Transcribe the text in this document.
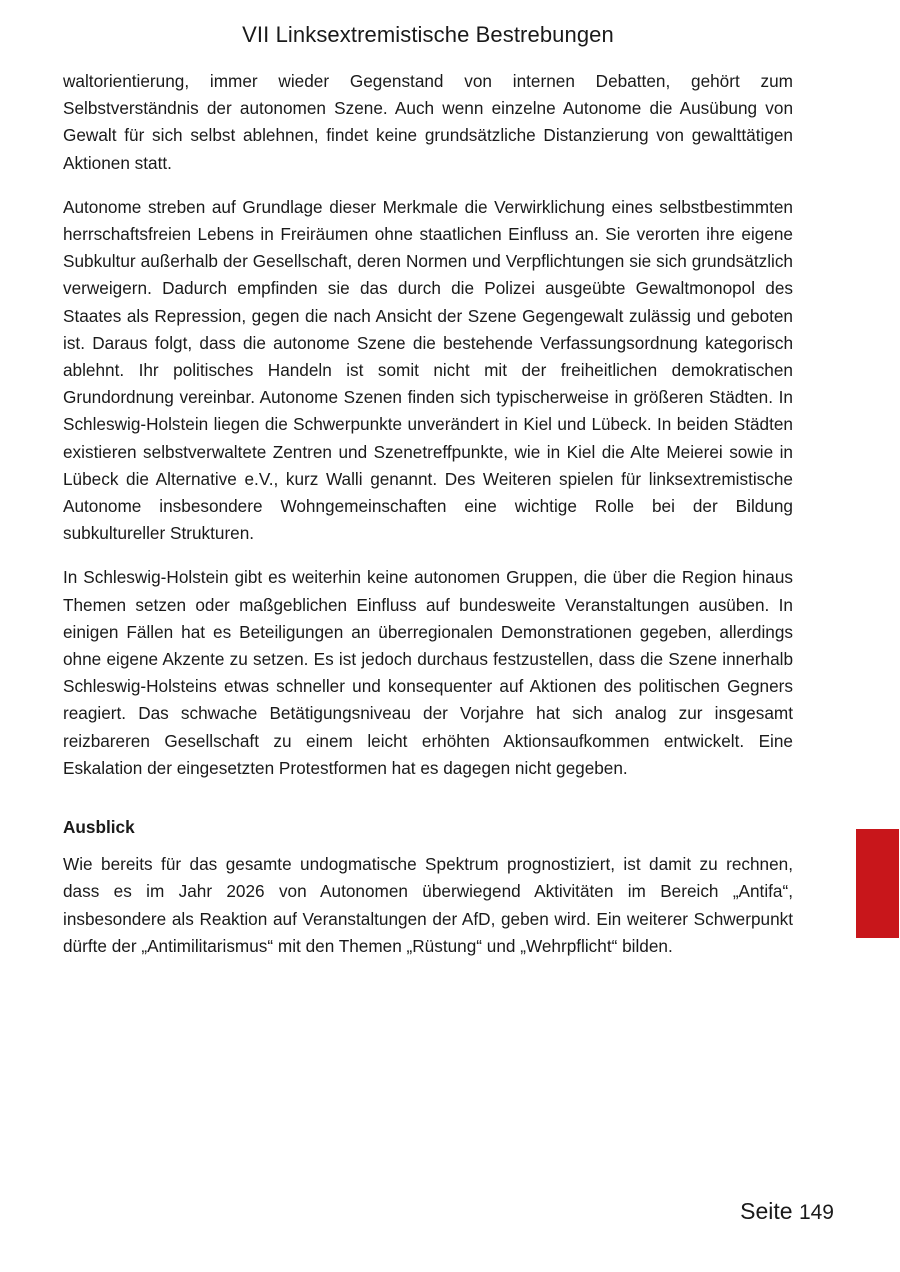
VII Linksextremistische Bestrebungen

waltorientierung, immer wieder Gegenstand von internen Debatten, gehört zum Selbstverständnis der autonomen Szene. Auch wenn einzelne Autonome die Ausübung von Gewalt für sich selbst ablehnen, findet keine grundsätzliche Distanzierung von gewalttätigen Aktionen statt.

Autonome streben auf Grundlage dieser Merkmale die Verwirklichung eines selbstbestimmten herrschaftsfreien Lebens in Freiräumen ohne staatlichen Einfluss an. Sie verorten ihre eigene Subkultur außerhalb der Gesellschaft, deren Normen und Verpflichtungen sie sich grundsätzlich verweigern. Dadurch empfinden sie das durch die Polizei ausgeübte Gewaltmonopol des Staates als Repression, gegen die nach Ansicht der Szene Gegengewalt zulässig und geboten ist. Daraus folgt, dass die autonome Szene die bestehende Verfassungsordnung kategorisch ablehnt. Ihr politisches Handeln ist somit nicht mit der freiheitlichen demokratischen Grundordnung vereinbar. Autonome Szenen finden sich typischerweise in größeren Städten. In Schleswig-Holstein liegen die Schwerpunkte unverändert in Kiel und Lübeck. In beiden Städten existieren selbstverwaltete Zentren und Szenetreffpunkte, wie in Kiel die Alte Meierei sowie in Lübeck die Alternative e.V., kurz Walli genannt. Des Weiteren spielen für linksextremistische Autonome insbesondere Wohngemeinschaften eine wichtige Rolle bei der Bildung subkultureller Strukturen.

In Schleswig-Holstein gibt es weiterhin keine autonomen Gruppen, die über die Region hinaus Themen setzen oder maßgeblichen Einfluss auf bundesweite Veranstaltungen ausüben. In einigen Fällen hat es Beteiligungen an überregionalen Demonstrationen gegeben, allerdings ohne eigene Akzente zu setzen. Es ist jedoch durchaus festzustellen, dass die Szene innerhalb Schleswig-Holsteins etwas schneller und konsequenter auf Aktionen des politischen Gegners reagiert. Das schwache Betätigungsniveau der Vorjahre hat sich analog zur insgesamt reizbareren Gesellschaft zu einem leicht erhöhten Aktionsaufkommen entwickelt. Eine Eskalation der eingesetzten Protestformen hat es dagegen nicht gegeben.

Ausblick

Wie bereits für das gesamte undogmatische Spektrum prognostiziert, ist damit zu rechnen, dass es im Jahr 2026 von Autonomen überwiegend Aktivitäten im Bereich „Antifa“, insbesondere als Reaktion auf Veranstaltungen der AfD, geben wird. Ein weiterer Schwerpunkt dürfte der „Antimilitarismus“ mit den Themen „Rüstung“ und „Wehrpflicht“ bilden.

Seite 149
